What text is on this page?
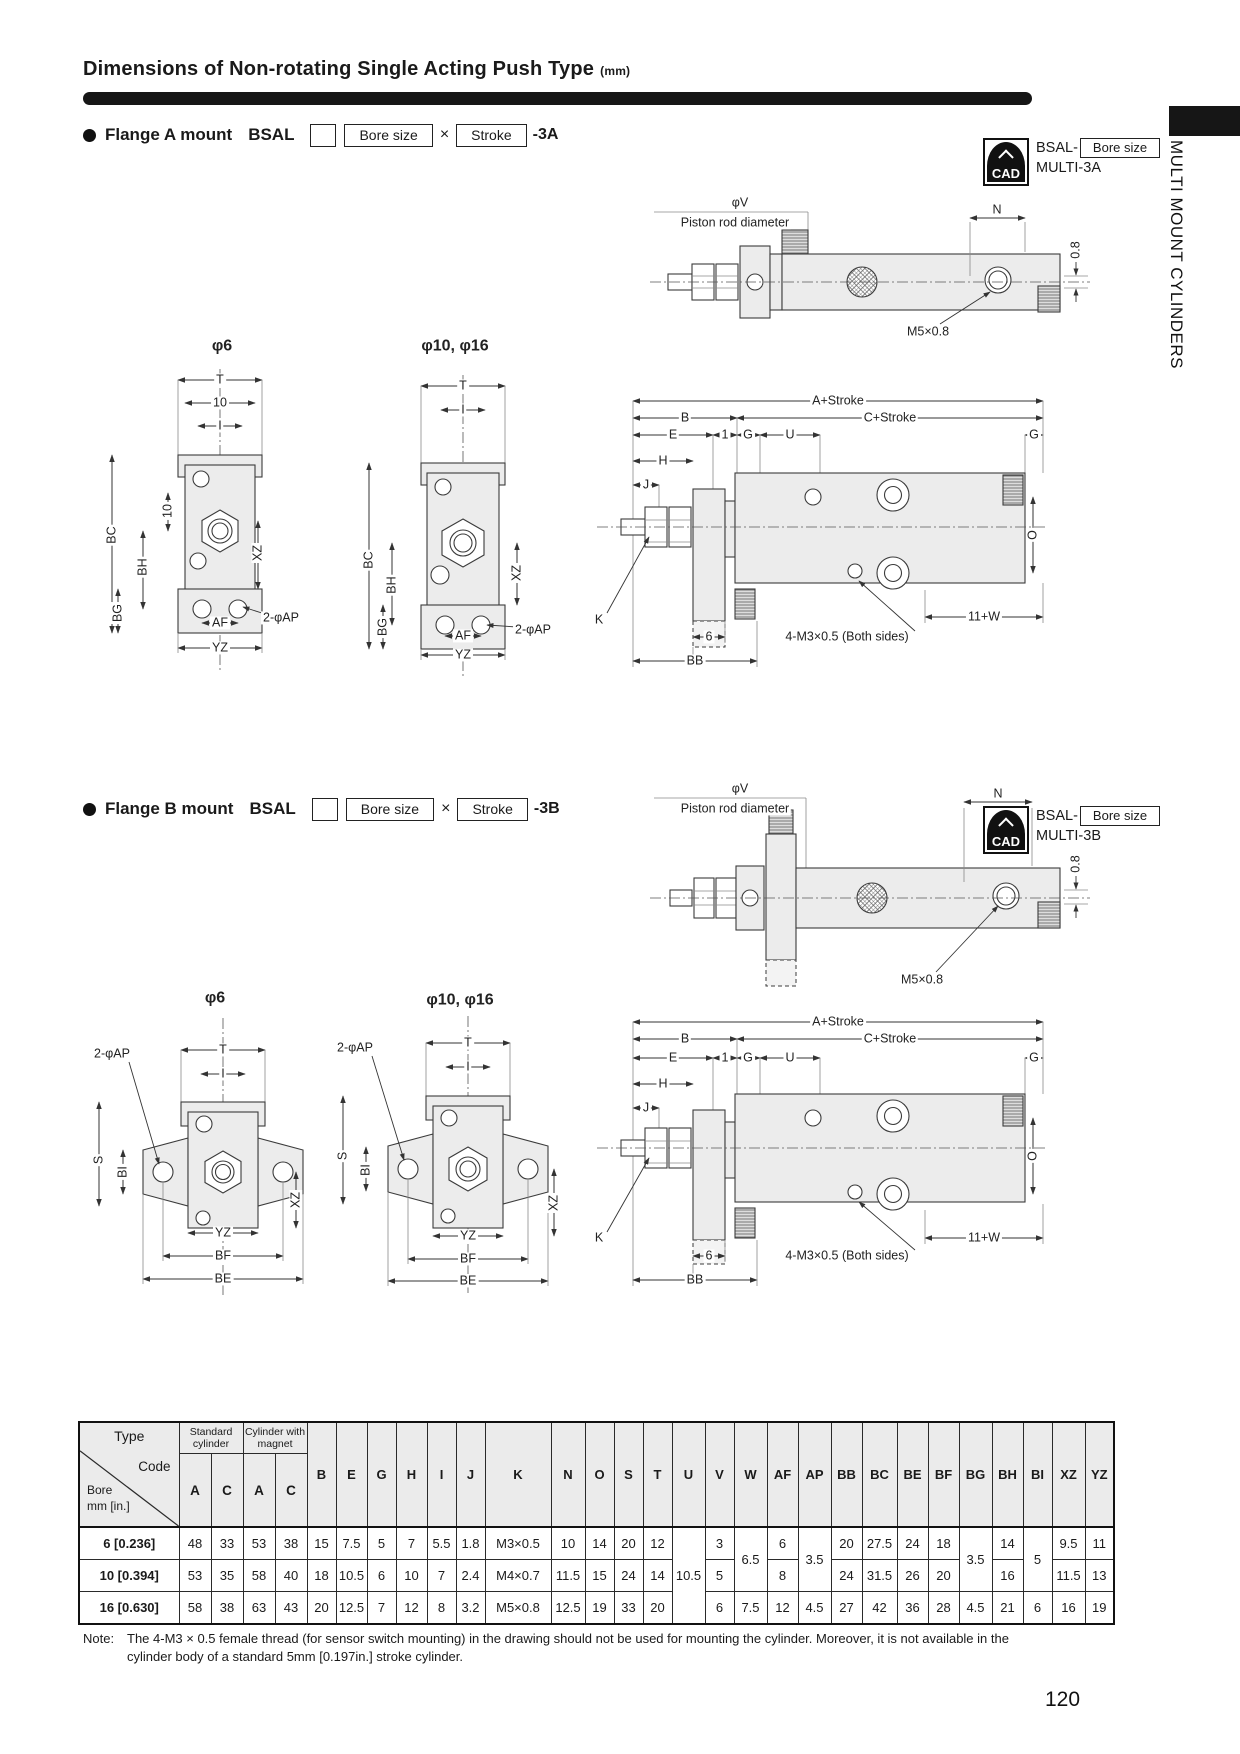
Dimensions of Non-rotating Single Acting Push Type (mm)
MULTI MOUNT CYLINDERS
Flange A mount BSAL	Bore size	×	Stroke	-3A
CAD
BSAL-	Bore size
MULTI-3A
φV
Piston rod diameter
N
0.8
M5×0.8
φ6
T
10
I
BC
10
BH
XZ
BG
AF	2-φAP
YZ
φ10, φ16
T
I
BC
BH
XZ
BG	AF	2-φAP
YZ
A+Stroke
B	C+Stroke
E	1 G	U	G
H
J
K
O
11+W
6	4-M3×0.5 (Both sides)
BB
Flange B mount BSAL	Bore size	×	Stroke	-3B
CAD
BSAL-	Bore size
MULTI-3B
φV
Piston rod diameter
N
0.8
M5×0.8
φ6
2-φAP	T
I
S
BI
XZ
YZ
BF
BE
φ10, φ16
2-φAP	T
I
S
BI
XZ
YZ
BF
BE
A+Stroke
B	C+Stroke
E	1 G	U	G
H
J
K
O
11+W
6	4-M3×0.5 (Both sides)
BB
Type
Code
Bore
mm [in.]	Standard cylinder		Cylinder with magnet		B	E	G	H	I	J	K	N	O	S	T	U	V	W	AF	AP	BB	BC	BE	BF	BG	BH	BI	XZ	YZ
	A	C	A	C																									
6 [0.236]	48	33	53	38	15	7.5	5	7	5.5	1.8	M3×0.5	10	14	20	12	10.5	3	6.5	6	3.5	20	27.5	24	18	3.5	14	5	9.5	11
10 [0.394]	53	35	58	40	18	10.5	6	10	7	2.4	M4×0.7	11.5	15	24	14		5		8		24	31.5	26	20		16		11.5	13
16 [0.630]	58	38	63	43	20	12.5	7	12	8	3.2	M5×0.8	12.5	19	33	20		6	7.5	12	4.5	27	42	36	28	4.5	21	6	16	19
Note: The 4-M3 × 0.5 female thread (for sensor switch mounting) in the drawing should not be used for mounting the cylinder. Moreover, it is not available in the
cylinder body of a standard 5mm [0.197in.] stroke cylinder.
120
